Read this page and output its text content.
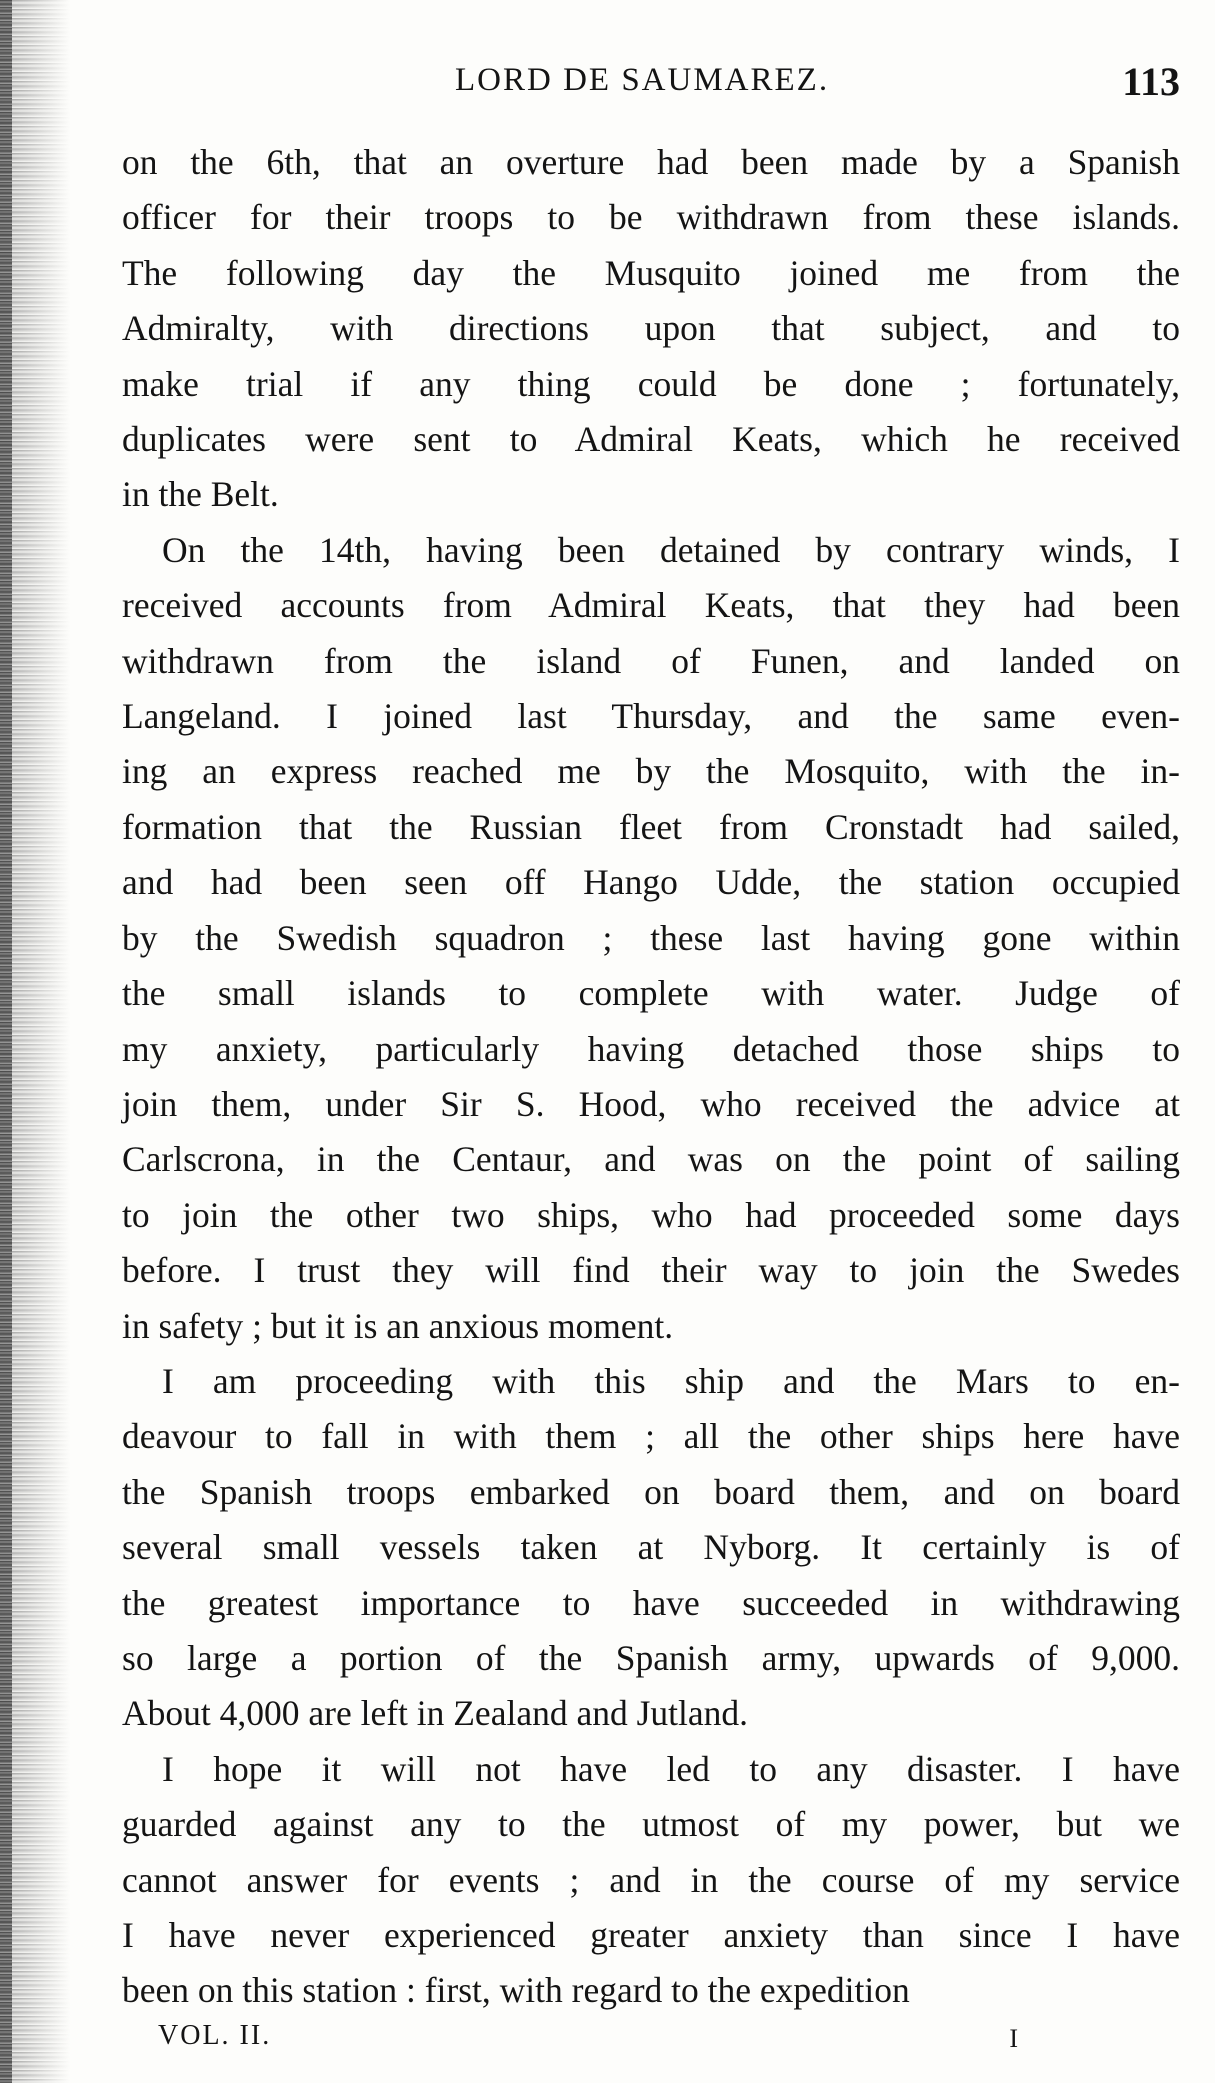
LORD DE SAUMAREZ.	113
on the 6th, that an overture had been made by a Spanish
officer for their troops to be withdrawn from these islands.
The following day the Musquito joined me from the
Admiralty, with directions upon that subject, and to
make trial if any thing could be done ; fortunately,
duplicates were sent to Admiral Keats, which he received
in the Belt.
On the 14th, having been detained by contrary winds, I
received accounts from Admiral Keats, that they had been
withdrawn from the island of Funen, and landed on
Langeland. I joined last Thursday, and the same even-
ing an express reached me by the Mosquito, with the in-
formation that the Russian fleet from Cronstadt had sailed,
and had been seen off Hango Udde, the station occupied
by the Swedish squadron ; these last having gone within
the small islands to complete with water. Judge of
my anxiety, particularly having detached those ships to
join them, under Sir S. Hood, who received the advice at
Carlscrona, in the Centaur, and was on the point of sailing
to join the other two ships, who had proceeded some days
before. I trust they will find their way to join the Swedes
in safety ; but it is an anxious moment.
I am proceeding with this ship and the Mars to en-
deavour to fall in with them ; all the other ships here have
the Spanish troops embarked on board them, and on board
several small vessels taken at Nyborg. It certainly is of
the greatest importance to have succeeded in withdrawing
so large a portion of the Spanish army, upwards of 9,000.
About 4,000 are left in Zealand and Jutland.
I hope it will not have led to any disaster. I have
guarded against any to the utmost of my power, but we
cannot answer for events ; and in the course of my service
I have never experienced greater anxiety than since I have
been on this station : first, with regard to the expedition
VOL. II.	I
